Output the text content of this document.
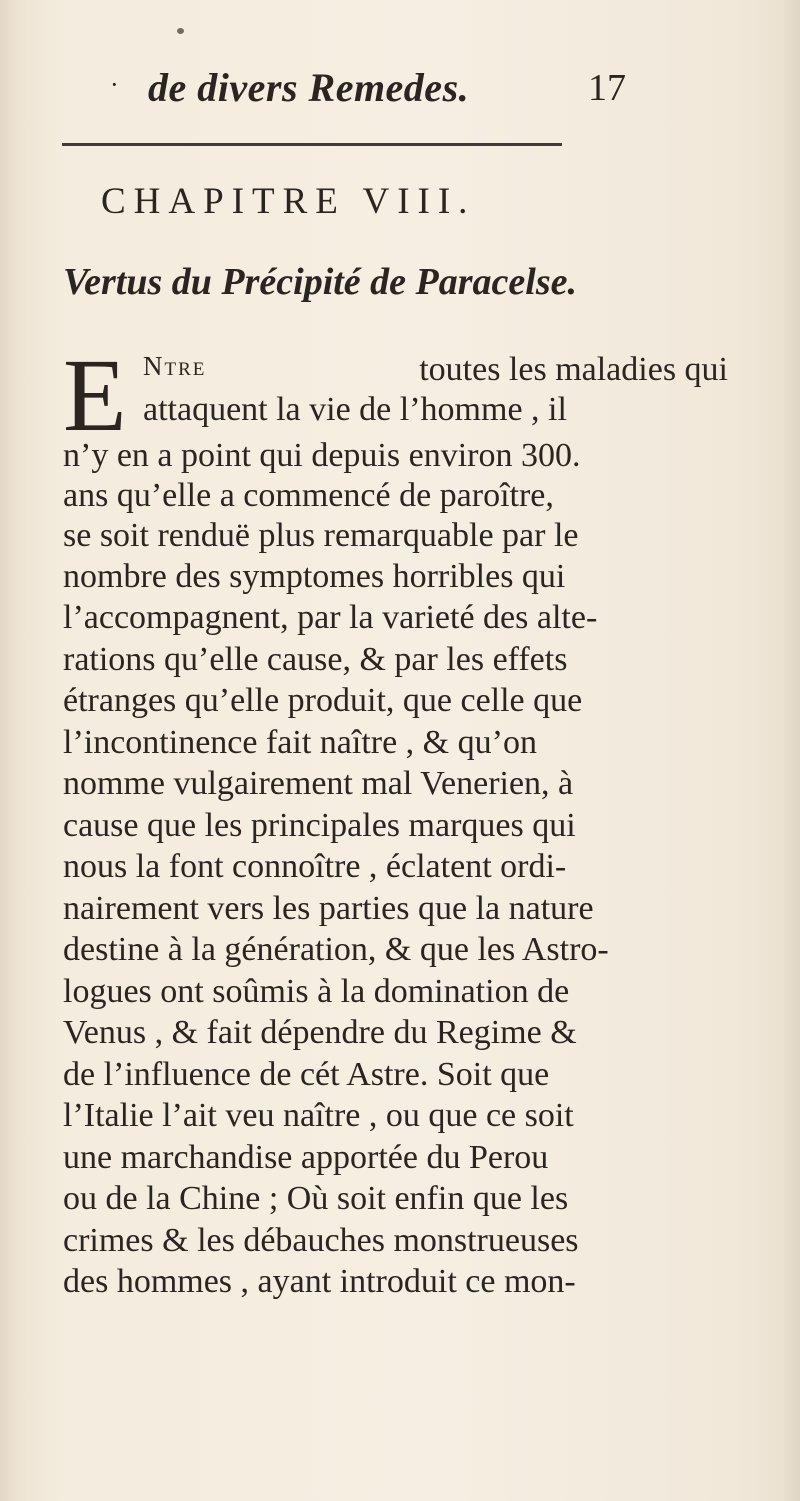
· de divers Remedes.	17
CHAPITRE VIII.
Vertus du Précipité de Paracelse.
E Ntre	toutes les maladies qui
attaquent la vie de l’homme , il
n’y en a point qui depuis environ 300.
ans qu’elle a commencé de paroître,
se soit renduë plus remarquable par le
nombre des symptomes horribles qui
l’accompagnent, par la varieté des alte-
rations qu’elle cause, & par les effets
étranges qu’elle produit, que celle que
l’incontinence fait naître , & qu’on
nomme vulgairement mal Venerien, à
cause que les principales marques qui
nous la font connoître , éclatent ordi-
nairement vers les parties que la nature
destine à la génération, & que les Astro-
logues ont soûmis à la domination de
Venus , & fait dépendre du Regime &
de l’influence de cét Astre. Soit que
l’Italie l’ait veu naître , ou que ce soit
une marchandise apportée du Perou
ou de la Chine ; Où soit enfin que les
crimes & les débauches monstrueuses
des hommes , ayant introduit ce mon-
